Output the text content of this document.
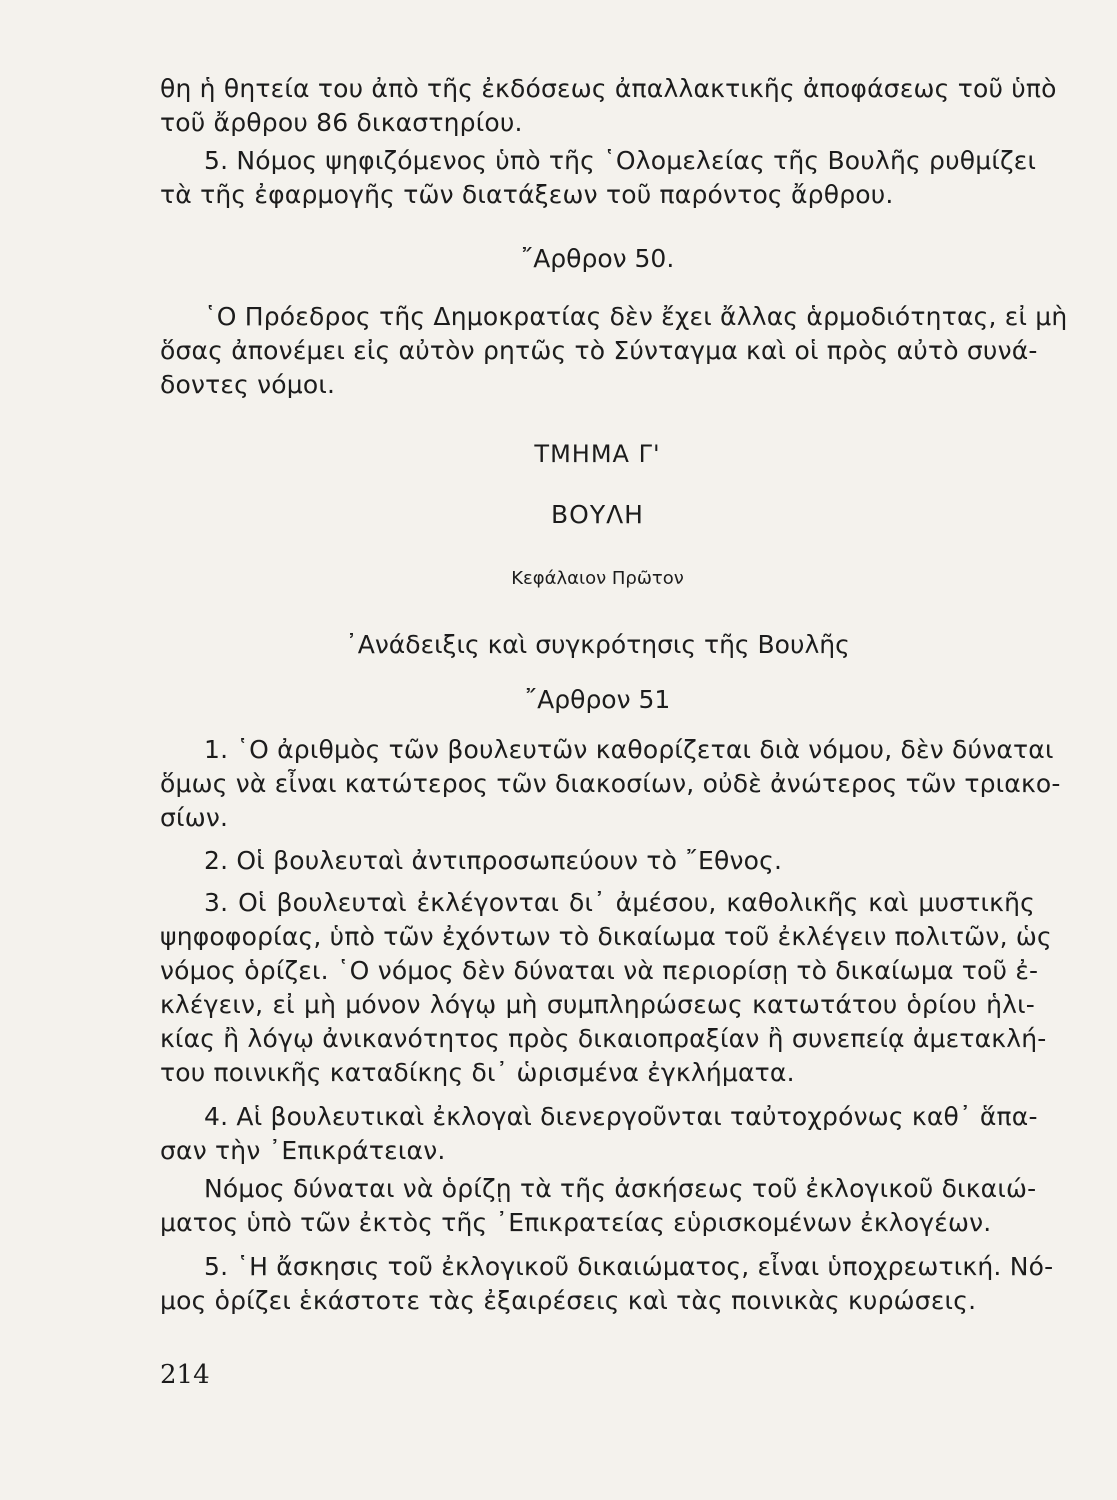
θη ἡ θητεία του ἀπὸ τῆς ἐκδόσεως ἀπαλλακτικῆς ἀποφάσεως τοῦ ὑπὸ
τοῦ ἄρθρου 86 δικαστηρίου.
5. Νόμος ψηφιζόμενος ὑπὸ τῆς ῾Ολομελείας τῆς Βουλῆς ρυθμίζει
τὰ τῆς ἐφαρμογῆς τῶν διατάξεων τοῦ παρόντος ἄρθρου.
῎Αρθρον 50.
῾Ο Πρόεδρος τῆς Δημοκρατίας δὲν ἔχει ἄλλας ἁρμοδιότητας, εἰ μὴ
ὅσας ἀπονέμει εἰς αὐτὸν ρητῶς τὸ Σύνταγμα καὶ οἱ πρὸς αὐτὸ συνά-
δοντες νόμοι.
ΤΜΗΜΑ Γ'
ΒΟΥΛΗ
Κεφάλαιον Πρῶτον
᾽Ανάδειξις καὶ συγκρότησις τῆς Βουλῆς
῎Αρθρον 51
1. ῾Ο ἀριθμὸς τῶν βουλευτῶν καθορίζεται διὰ νόμου, δὲν δύναται
ὅμως νὰ εἶναι κατώτερος τῶν διακοσίων, οὐδὲ ἀνώτερος τῶν τριακο-
σίων.
2. Οἱ βουλευταὶ ἀντιπροσωπεύουν τὸ ῎Εθνος.
3. Οἱ βουλευταὶ ἐκλέγονται δι᾽ ἀμέσου, καθολικῆς καὶ μυστικῆς
ψηφοφορίας, ὑπὸ τῶν ἐχόντων τὸ δικαίωμα τοῦ ἐκλέγειν πολιτῶν, ὡς
νόμος ὁρίζει. ῾Ο νόμος δὲν δύναται νὰ περιορίσῃ τὸ δικαίωμα τοῦ ἐ-
κλέγειν, εἰ μὴ μόνον λόγῳ μὴ συμπληρώσεως κατωτάτου ὁρίου ἡλι-
κίας ἢ λόγῳ ἀνικανότητος πρὸς δικαιοπραξίαν ἢ συνεπείᾳ ἀμετακλή-
του ποινικῆς καταδίκης δι᾽ ὡρισμένα ἐγκλήματα.
4. Αἱ βουλευτικαὶ ἐκλογαὶ διενεργοῦνται ταὐτοχρόνως καθ᾽ ἅπα-
σαν τὴν ᾽Επικράτειαν.
Νόμος δύναται νὰ ὁρίζῃ τὰ τῆς ἀσκήσεως τοῦ ἐκλογικοῦ δικαιώ-
ματος ὑπὸ τῶν ἐκτὸς τῆς ᾽Επικρατείας εὑρισκομένων ἐκλογέων.
5. ῾Η ἄσκησις τοῦ ἐκλογικοῦ δικαιώματος, εἶναι ὑποχρεωτική. Νό-
μος ὁρίζει ἑκάστοτε τὰς ἐξαιρέσεις καὶ τὰς ποινικὰς κυρώσεις.
214
